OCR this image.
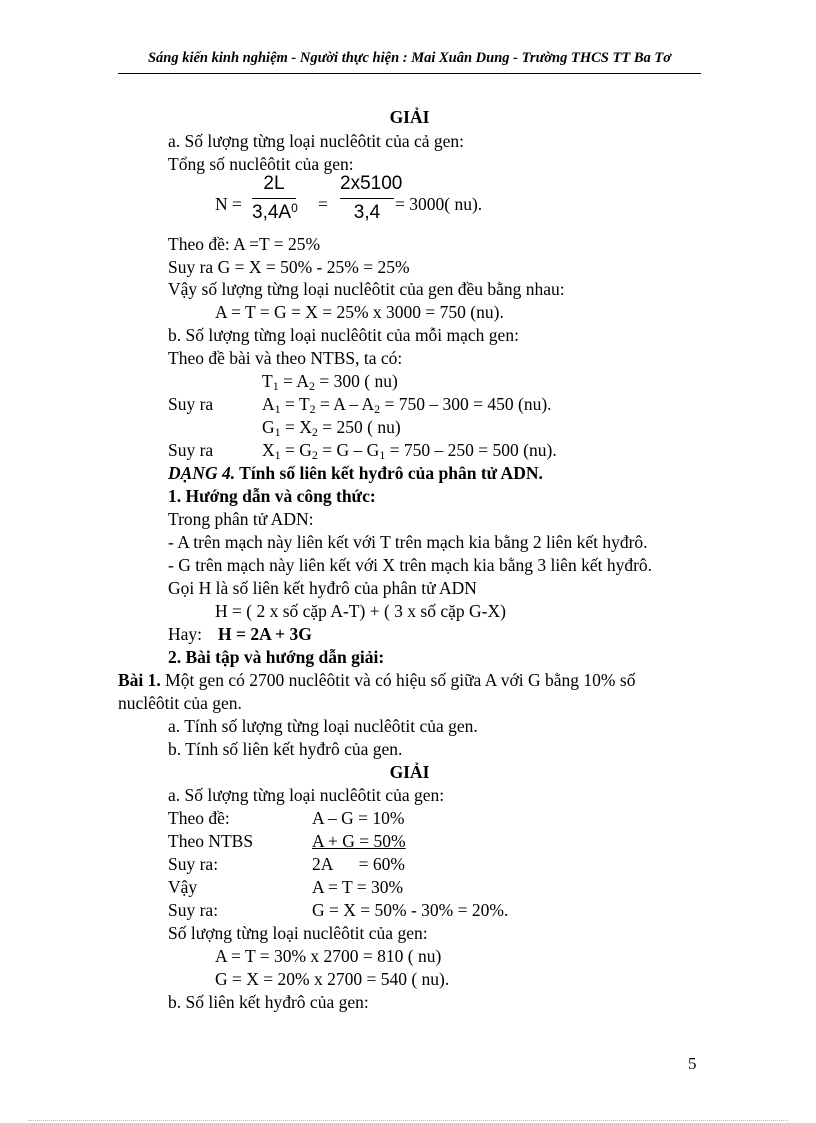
Sáng kiến kinh nghiệm - Người thực hiện : Mai Xuân Dung - Trường THCS TT Ba Tơ
GIẢI
a. Số lượng từng loại nuclêôtit của cả gen:
Tổng số nuclêôtit của gen:
N =
2L
$3,4A^0$ =
2x5100
3,4 = 3000( nu).
Theo đề: A =T = 25%
Suy ra G = X = 50% - 25% = 25%
Vậy số lượng từng loại nuclêôtit của gen đều bằng nhau:
A = T = G = X = 25% x 3000 = 750 (nu).
b. Số lượng từng loại nuclêôtit của mỗi mạch gen:
Theo đề bài và theo NTBS, ta có:
$T_1 = A_2 = 300$ ( nu)
Suy ra	$A_1 = T_2 = A - A_2 = 750 - 300 = 450$ (nu).
$G_1 = X_2 = 250$ ( nu)
Suy ra	$X_1 = G_2 = G - G_1 = 750 - 250 = 500$ (nu).
DẠNG 4. Tính số liên kết hyđrô của phân tử ADN.
1. Hướng dẫn và công thức:
Trong phân tử ADN:
- A trên mạch này liên kết với T trên mạch kia bằng 2 liên kết hyđrô.
- G trên mạch này liên kết với X trên mạch kia bằng 3 liên kết hyđrô.
Gọi H là số liên kết hyđrô của phân tử ADN
H = ( 2 x số cặp A-T) + ( 3 x số cặp G-X)
Hay: H = 2A + 3G
2. Bài tập và hướng dẫn giải:
Bài 1. Một gen có 2700 nuclêôtit và có hiệu số giữa A với G bằng 10% số
nuclêôtit của gen.
a. Tính số lượng từng loại nuclêôtit của gen.
b. Tính số liên kết hyđrô của gen.
GIẢI
a. Số lượng từng loại nuclêôtit của gen:
Theo đề:	A – G = 10%
Theo NTBS	A + G = 50%
Suy ra:	2A      = 60%
Vậy	A = T = 30%
Suy ra:	G = X = 50% - 30% = 20%.
Số lượng từng loại nuclêôtit của gen:
A = T = 30% x 2700 = 810 ( nu)
G = X = 20% x 2700 = 540 ( nu).
b. Số liên kết hyđrô của gen:
5
